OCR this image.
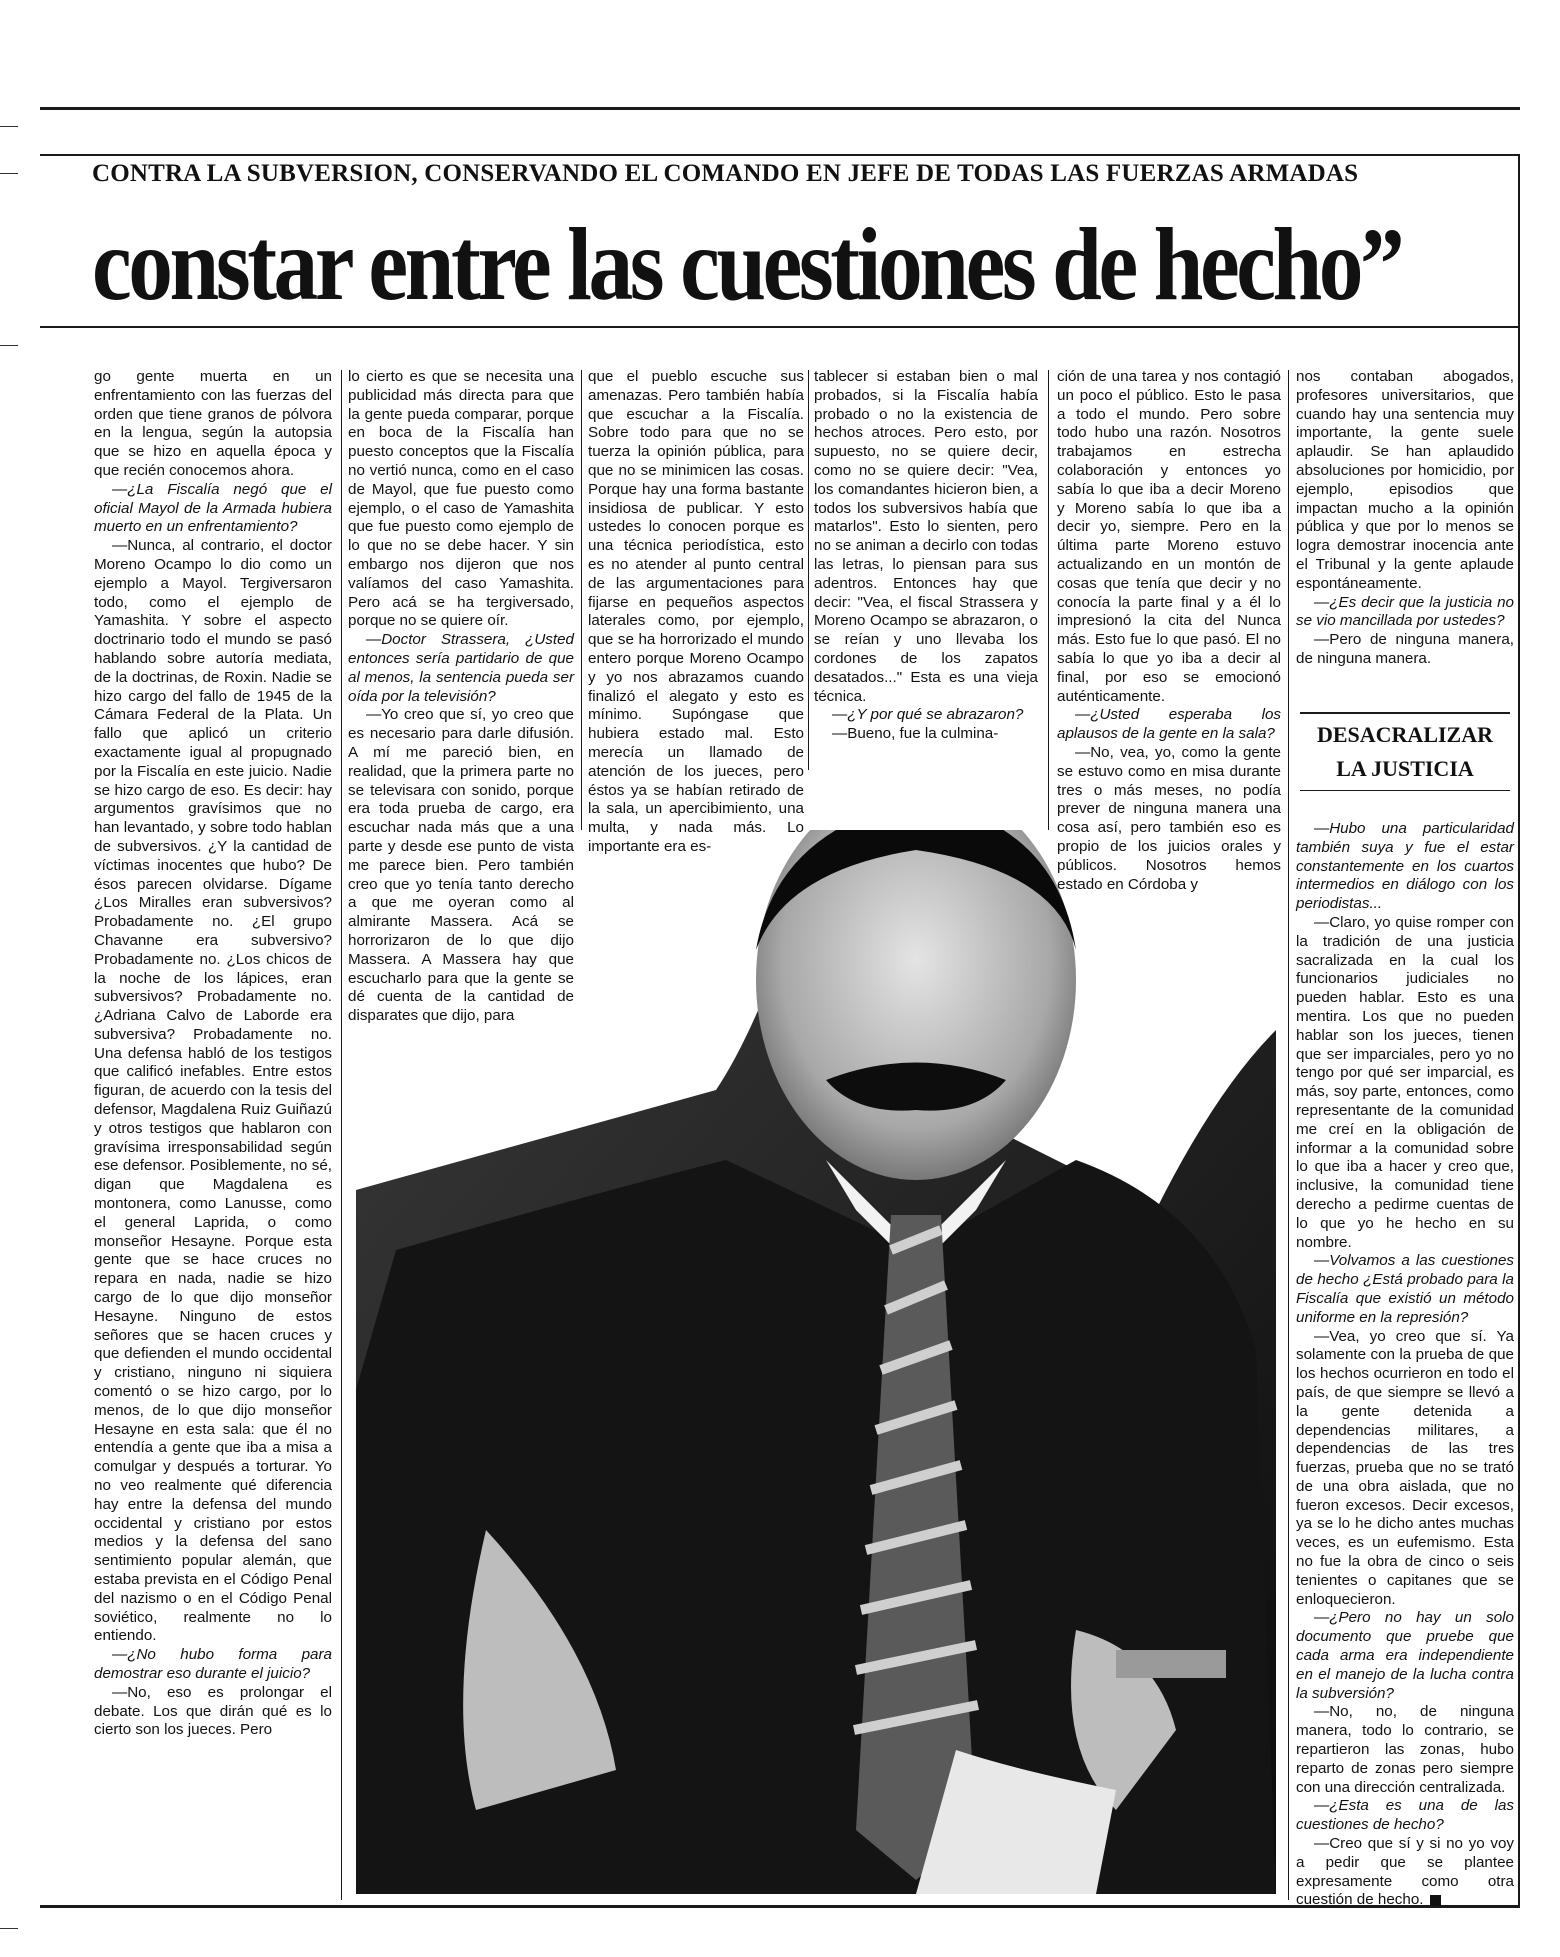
CONTRA LA SUBVERSION, CONSERVANDO EL COMANDO EN JEFE DE TODAS LAS FUERZAS ARMADAS
constar entre las cuestiones de hecho”

go gente muerta en un enfrentamiento con las fuerzas del orden que tiene granos de pólvora en la lengua, según la autopsia que se hizo en aquella época y que recién conocemos ahora.

—¿La Fiscalía negó que el oficial Mayol de la Armada hubiera muerto en un enfrentamiento?

—Nunca, al contrario, el doctor Moreno Ocampo lo dio como un ejemplo a Mayol. Tergiversaron todo, como el ejemplo de Yamashita. Y sobre el aspecto doctrinario todo el mundo se pasó hablando sobre autoría mediata, de la doctrinas, de Roxin. Nadie se hizo cargo del fallo de 1945 de la Cámara Federal de la Plata. Un fallo que aplicó un criterio exactamente igual al propugnado por la Fiscalía en este juicio. Nadie se hizo cargo de eso. Es decir: hay argumentos gravísimos que no han levantado, y sobre todo hablan de subversivos. ¿Y la cantidad de víctimas inocentes que hubo? De ésos parecen olvidarse. Dígame ¿Los Miralles eran subversivos? Probadamente no. ¿El grupo Chavanne era subversivo? Probadamente no. ¿Los chicos de la noche de los lápices, eran subversivos? Probadamente no. ¿Adriana Calvo de Laborde era subversiva? Probadamente no. Una defensa habló de los testigos que calificó inefables. Entre estos figuran, de acuerdo con la tesis del defensor, Magdalena Ruiz Guiñazú y otros testigos que hablaron con gravísima irresponsabilidad según ese defensor. Posiblemente, no sé, digan que Magdalena es montonera, como Lanusse, como el general Laprida, o como monseñor Hesayne. Porque esta gente que se hace cruces no repara en nada, nadie se hizo cargo de lo que dijo monseñor Hesayne. Ninguno de estos señores que se hacen cruces y que defienden el mundo occidental y cristiano, ninguno ni siquiera comentó o se hizo cargo, por lo menos, de lo que dijo monseñor Hesayne en esta sala: que él no entendía a gente que iba a misa a comulgar y después a torturar. Yo no veo realmente qué diferencia hay entre la defensa del mundo occidental y cristiano por estos medios y la defensa del sano sentimiento popular alemán, que estaba prevista en el Código Penal del nazismo o en el Código Penal soviético, realmente no lo entiendo.

—¿No hubo forma para demostrar eso durante el juicio?

—No, eso es prolongar el debate. Los que dirán qué es lo cierto son los jueces. Pero

lo cierto es que se necesita una publicidad más directa para que la gente pueda comparar, porque en boca de la Fiscalía han puesto conceptos que la Fiscalía no vertió nunca, como en el caso de Mayol, que fue puesto como ejemplo, o el caso de Yamashita que fue puesto como ejemplo de lo que no se debe hacer. Y sin embargo nos dijeron que nos valíamos del caso Yamashita. Pero acá se ha tergiversado, porque no se quiere oír.

—Doctor Strassera, ¿Usted entonces sería partidario de que al menos, la sentencia pueda ser oída por la televisión?

—Yo creo que sí, yo creo que es necesario para darle difusión. A mí me pareció bien, en realidad, que la primera parte no se televisara con sonido, porque era toda prueba de cargo, era escuchar nada más que a una parte y desde ese punto de vista me parece bien. Pero también creo que yo tenía tanto derecho a que me oyeran como al almirante Massera. Acá se horrorizaron de lo que dijo Massera. A Massera hay que escucharlo para que la gente se dé cuenta de la cantidad de disparates que dijo, para

que el pueblo escuche sus amenazas. Pero también había que escuchar a la Fiscalía. Sobre todo para que no se tuerza la opinión pública, para que no se minimicen las cosas. Porque hay una forma bastante insidiosa de publicar. Y esto ustedes lo conocen porque es una técnica periodística, esto es no atender al punto central de las argumentaciones para fijarse en pequeños aspectos laterales como, por ejemplo, que se ha horrorizado el mundo entero porque Moreno Ocampo y yo nos abrazamos cuando finalizó el alegato y esto es mínimo. Supóngase que hubiera estado mal. Esto merecía un llamado de atención de los jueces, pero éstos ya se habían retirado de la sala, un apercibimiento, una multa, y nada más. Lo importante era es-

tablecer si estaban bien o mal probados, si la Fiscalía había probado o no la existencia de hechos atroces. Pero esto, por supuesto, no se quiere decir, como no se quiere decir: "Vea, los comandantes hicieron bien, a todos los subversivos había que matarlos". Esto lo sienten, pero no se animan a decirlo con todas las letras, lo piensan para sus adentros. Entonces hay que decir: "Vea, el fiscal Strassera y Moreno Ocampo se abrazaron, o se reían y uno llevaba los cordones de los zapatos desatados..." Esta es una vieja técnica.

—¿Y por qué se abrazaron?

—Bueno, fue la culmina-

ción de una tarea y nos contagió un poco el público. Esto le pasa a todo el mundo. Pero sobre todo hubo una razón. Nosotros trabajamos en estrecha colaboración y entonces yo sabía lo que iba a decir Moreno y Moreno sabía lo que iba a decir yo, siempre. Pero en la última parte Moreno estuvo actualizando en un montón de cosas que tenía que decir y no conocía la parte final y a él lo impresionó la cita del Nunca más. Esto fue lo que pasó. El no sabía lo que yo iba a decir al final, por eso se emocionó auténticamente.

—¿Usted esperaba los aplausos de la gente en la sala?

—No, vea, yo, como la gente se estuvo como en misa durante tres o más meses, no podía prever de ninguna manera una cosa así, pero también eso es propio de los juicios orales y públicos. Nosotros hemos estado en Córdoba y

nos contaban abogados, profesores universitarios, que cuando hay una sentencia muy importante, la gente suele aplaudir. Se han aplaudido absoluciones por homicidio, por ejemplo, episodios que impactan mucho a la opinión pública y que por lo menos se logra demostrar inocencia ante el Tribunal y la gente aplaude espontáneamente.

—¿Es decir que la justicia no se vio mancillada por ustedes?

—Pero de ninguna manera, de ninguna manera.

DESACRALIZAR
LA JUSTICIA

—Hubo una particularidad también suya y fue el estar constantemente en los cuartos intermedios en diálogo con los periodistas...

—Claro, yo quise romper con la tradición de una justicia sacralizada en la cual los funcionarios judiciales no pueden hablar. Esto es una mentira. Los que no pueden hablar son los jueces, tienen que ser imparciales, pero yo no tengo por qué ser imparcial, es más, soy parte, entonces, como representante de la comunidad me creí en la obligación de informar a la comunidad sobre lo que iba a hacer y creo que, inclusive, la comunidad tiene derecho a pedirme cuentas de lo que yo he hecho en su nombre.

—Volvamos a las cuestiones de hecho ¿Está probado para la Fiscalía que existió un método uniforme en la represión?

—Vea, yo creo que sí. Ya solamente con la prueba de que los hechos ocurrieron en todo el país, de que siempre se llevó a la gente detenida a dependencias militares, a dependencias de las tres fuerzas, prueba que no se trató de una obra aislada, que no fueron excesos. Decir excesos, ya se lo he dicho antes muchas veces, es un eufemismo. Esta no fue la obra de cinco o seis tenientes o capitanes que se enloquecieron.

—¿Pero no hay un solo documento que pruebe que cada arma era independiente en el manejo de la lucha contra la subversión?

—No, no, de ninguna manera, todo lo contrario, se repartieron las zonas, hubo reparto de zonas pero siempre con una dirección centralizada.

—¿Esta es una de las cuestiones de hecho?

—Creo que sí y si no yo voy a pedir que se plantee expresamente como otra cuestión de hecho.
